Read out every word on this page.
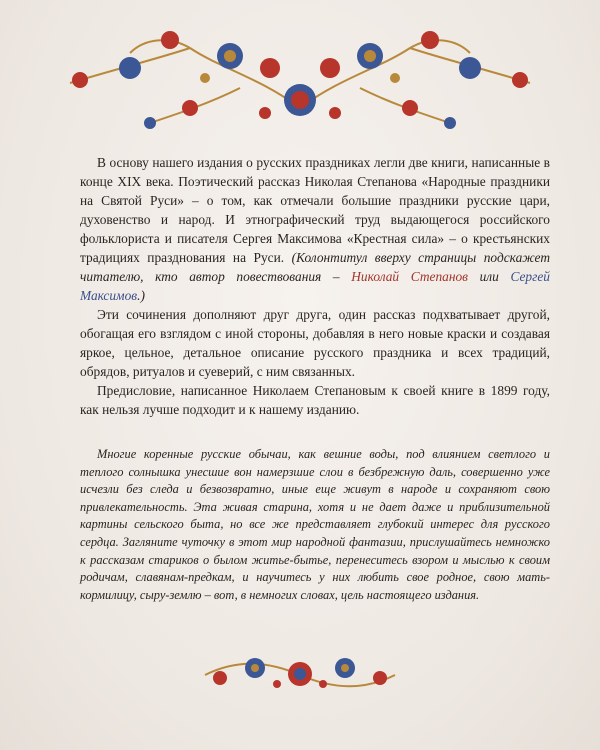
В основу нашего издания о русских праздниках легли две книги, написанные в конце XIX века. Поэтический рассказ Николая Степанова «Народные праздники на Святой Руси» – о том, как отмечали большие праздники русские цари, духовенство и народ. И этнографический труд выдающегося российского фольклориста и писателя Сергея Максимова «Крестная сила» – о крестьянских традициях празднования на Руси. (Колонтитул вверху страницы подскажет читателю, кто автор повествования – Николай Степанов или Сергей Максимов.)

Эти сочинения дополняют друг друга, один рассказ подхватывает другой, обогащая его взглядом с иной стороны, добавляя в него новые краски и создавая яркое, цельное, детальное описание русского праздника и всех традиций, обрядов, ритуалов и суеверий, с ним связанных.

Предисловие, написанное Николаем Степановым к своей книге в 1899 году, как нельзя лучше подходит и к нашему изданию.

Многие коренные русские обычаи, как вешние воды, под влиянием светлого и теплого солнышка унесшие вон намерзшие слои в безбрежную даль, совершенно уже исчезли без следа и безвозвратно, иные еще живут в народе и сохраняют свою привлекательность. Эта живая старина, хотя и не дает даже и приблизительной картины сельского быта, но все же представляет глубокий интерес для русского сердца. Загляните чуточку в этот мир народной фантазии, прислушайтесь немножко к рассказам стариков о былом житье-бытье, перенеситесь взором и мыслью к своим родичам, славянам-предкам, и научитесь у них любить свое родное, свою мать-кормилицу, сыру-землю – вот, в немногих словах, цель настоящего издания.
